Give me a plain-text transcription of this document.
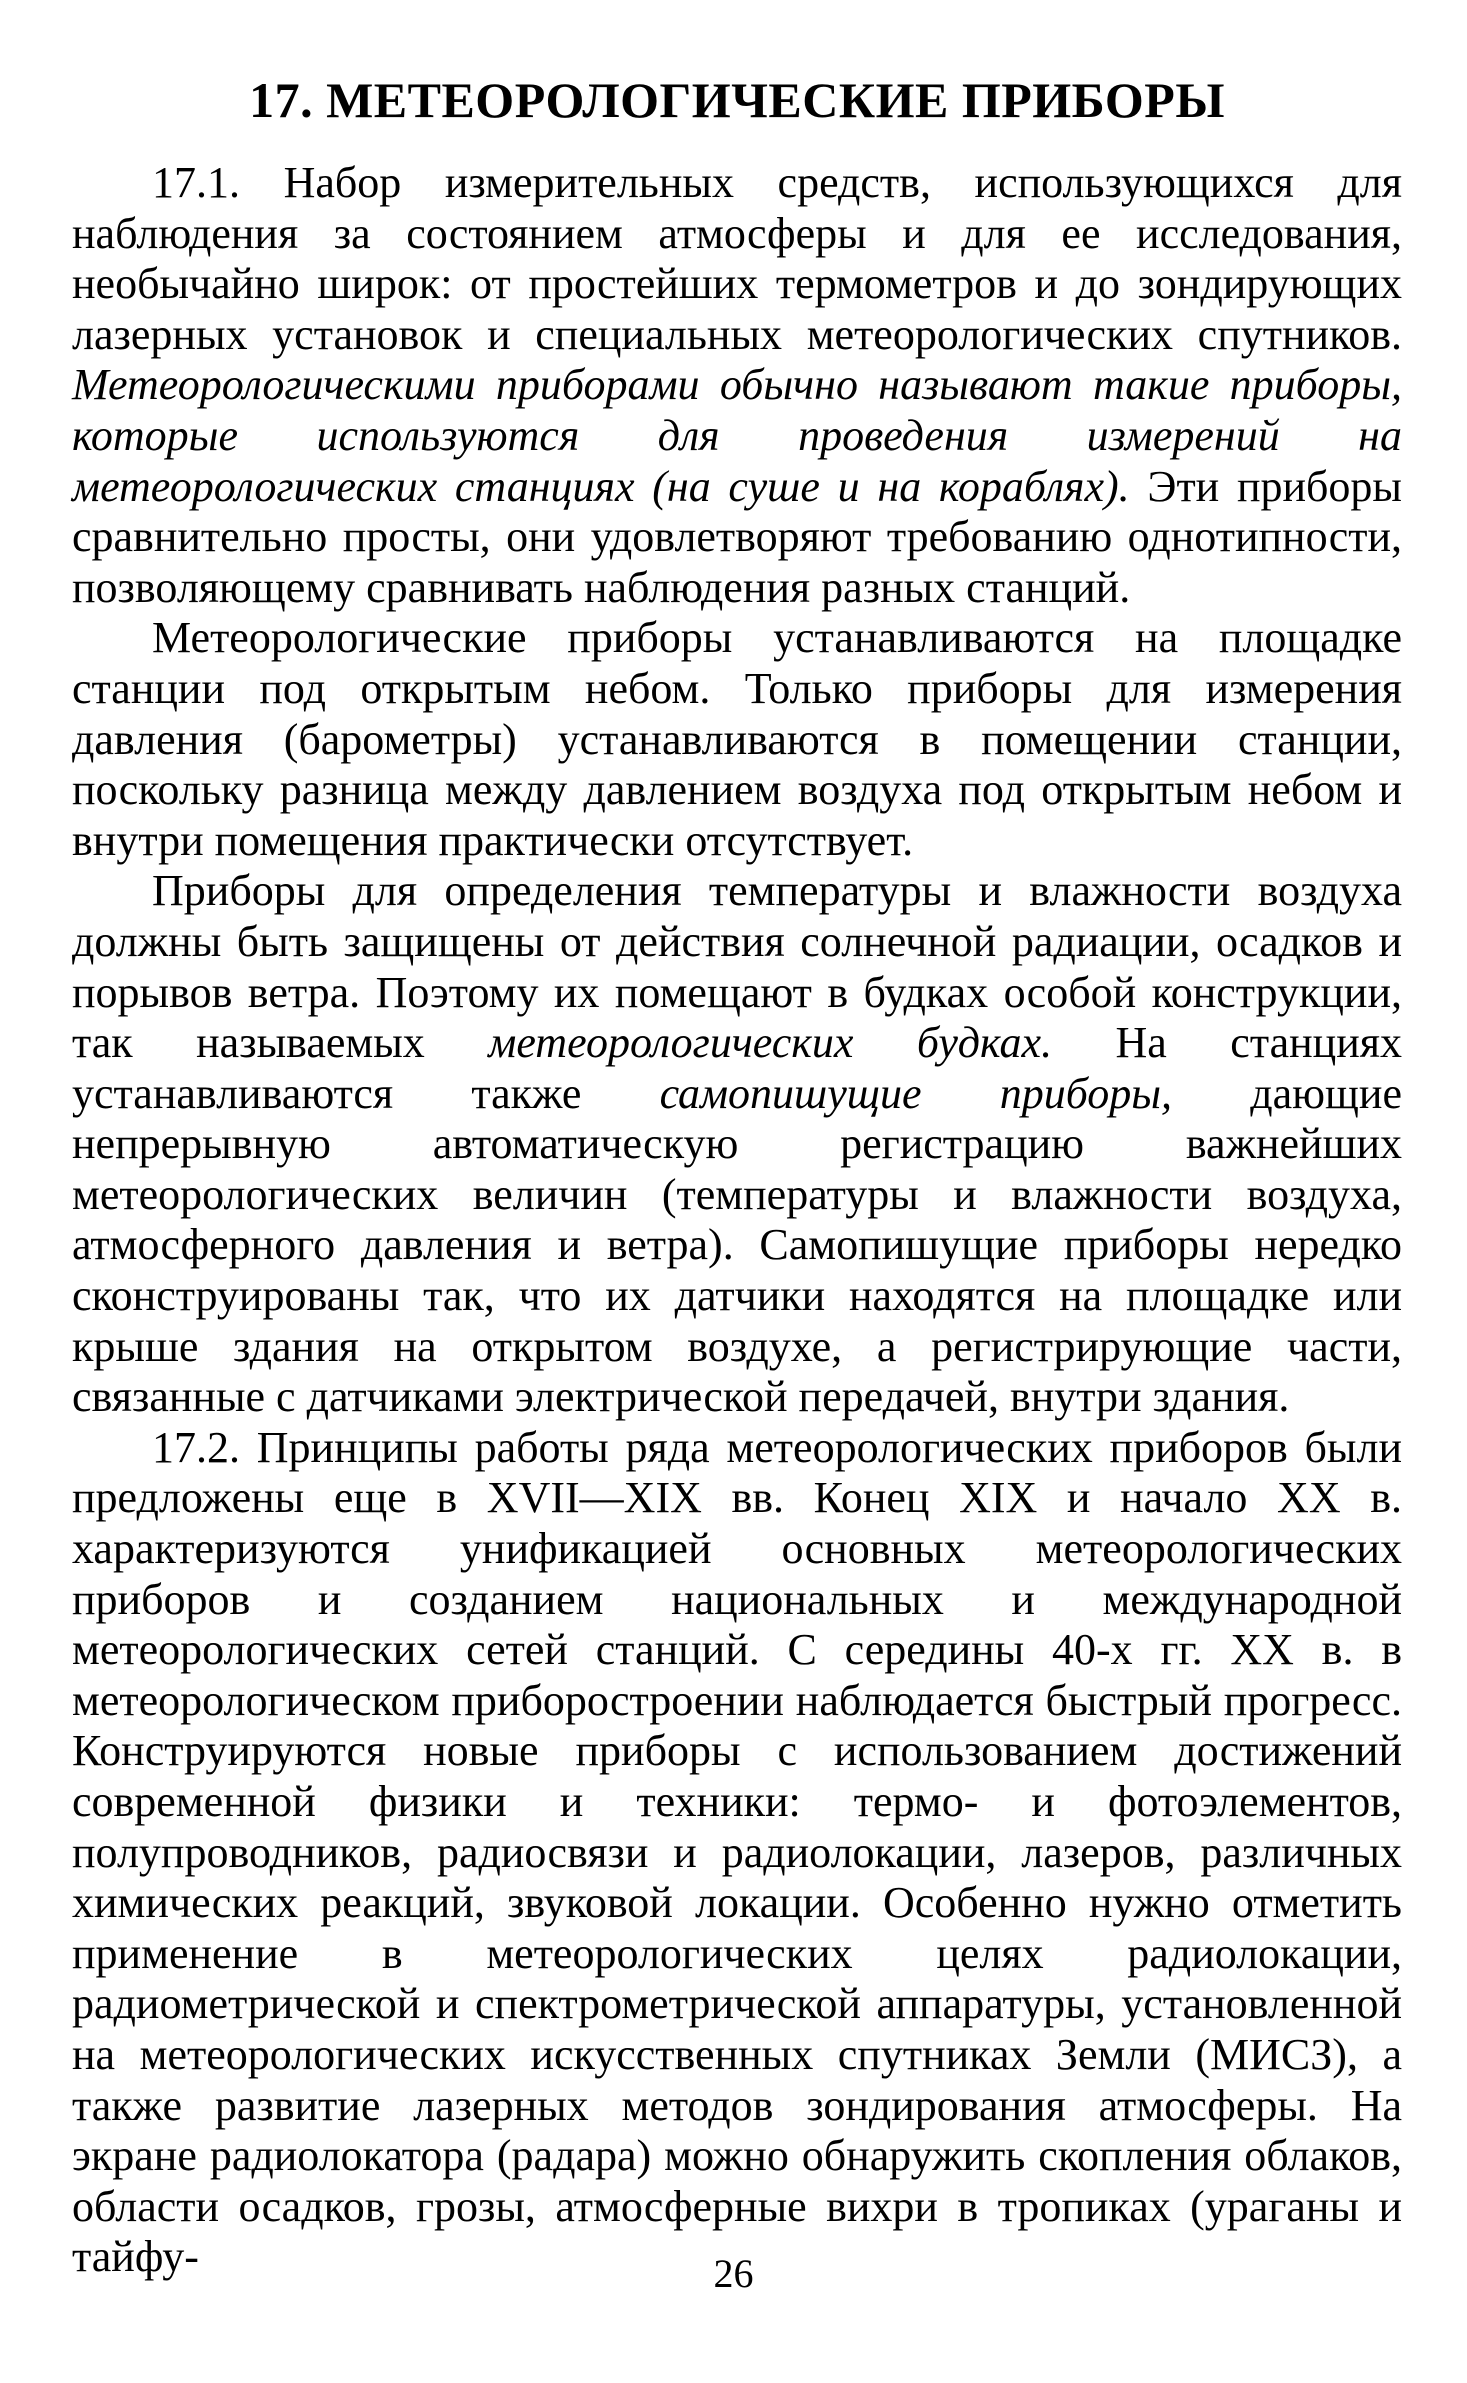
17. МЕТЕОРОЛОГИЧЕСКИЕ ПРИБОРЫ

17.1. Набор измерительных средств, использующихся для наблюдения за состоянием атмосферы и для ее исследования, необычайно широк: от простейших термометров и до зондирующих лазерных установок и специальных метеорологических спутников. Метеорологическими приборами обычно называют такие приборы, которые используются для проведения измерений на метеорологических станциях (на суше и на кораблях). Эти приборы сравнительно просты, они удовлетворяют требованию однотипности, позволяющему сравнивать наблюдения разных станций.

Метеорологические приборы устанавливаются на площадке станции под открытым небом. Только приборы для измерения давления (барометры) устанавливаются в помещении станции, поскольку разница между давлением воздуха под открытым небом и внутри помещения практически отсутствует.

Приборы для определения температуры и влажности воздуха должны быть защищены от действия солнечной радиации, осадков и порывов ветра. Поэтому их помещают в будках особой конструкции, так называемых метеорологических будках. На станциях устанавливаются также самопишущие приборы, дающие непрерывную автоматическую регистрацию важнейших метеорологических величин (температуры и влажности воздуха, атмосферного давления и ветра). Самопишущие приборы нередко сконструированы так, что их датчики находятся на площадке или крыше здания на открытом воздухе, а регистрирующие части, связанные с датчиками электрической передачей, внутри здания.

17.2. Принципы работы ряда метеорологических приборов были предложены еще в XVII—XIX вв. Конец XIX и начало XX в. характеризуются унификацией основных метеорологических приборов и созданием национальных и международной метеорологических сетей станций. С середины 40-х гг. XX в. в метеорологическом приборостроении наблюдается быстрый прогресс. Конструируются новые приборы с использованием достижений современной физики и техники: термо- и фотоэлементов, полупроводников, радиосвязи и радиолокации, лазеров, различных химических реакций, звуковой локации. Особенно нужно отметить применение в метеорологических целях радиолокации, радиометрической и спектрометрической аппаратуры, установленной на метеорологических искусственных спутниках Земли (МИСЗ), а также развитие лазерных методов зондирования атмосферы. На экране радиолокатора (радара) можно обнаружить скопления облаков, области осадков, грозы, атмосферные вихри в тропиках (ураганы и тайфу-	26
